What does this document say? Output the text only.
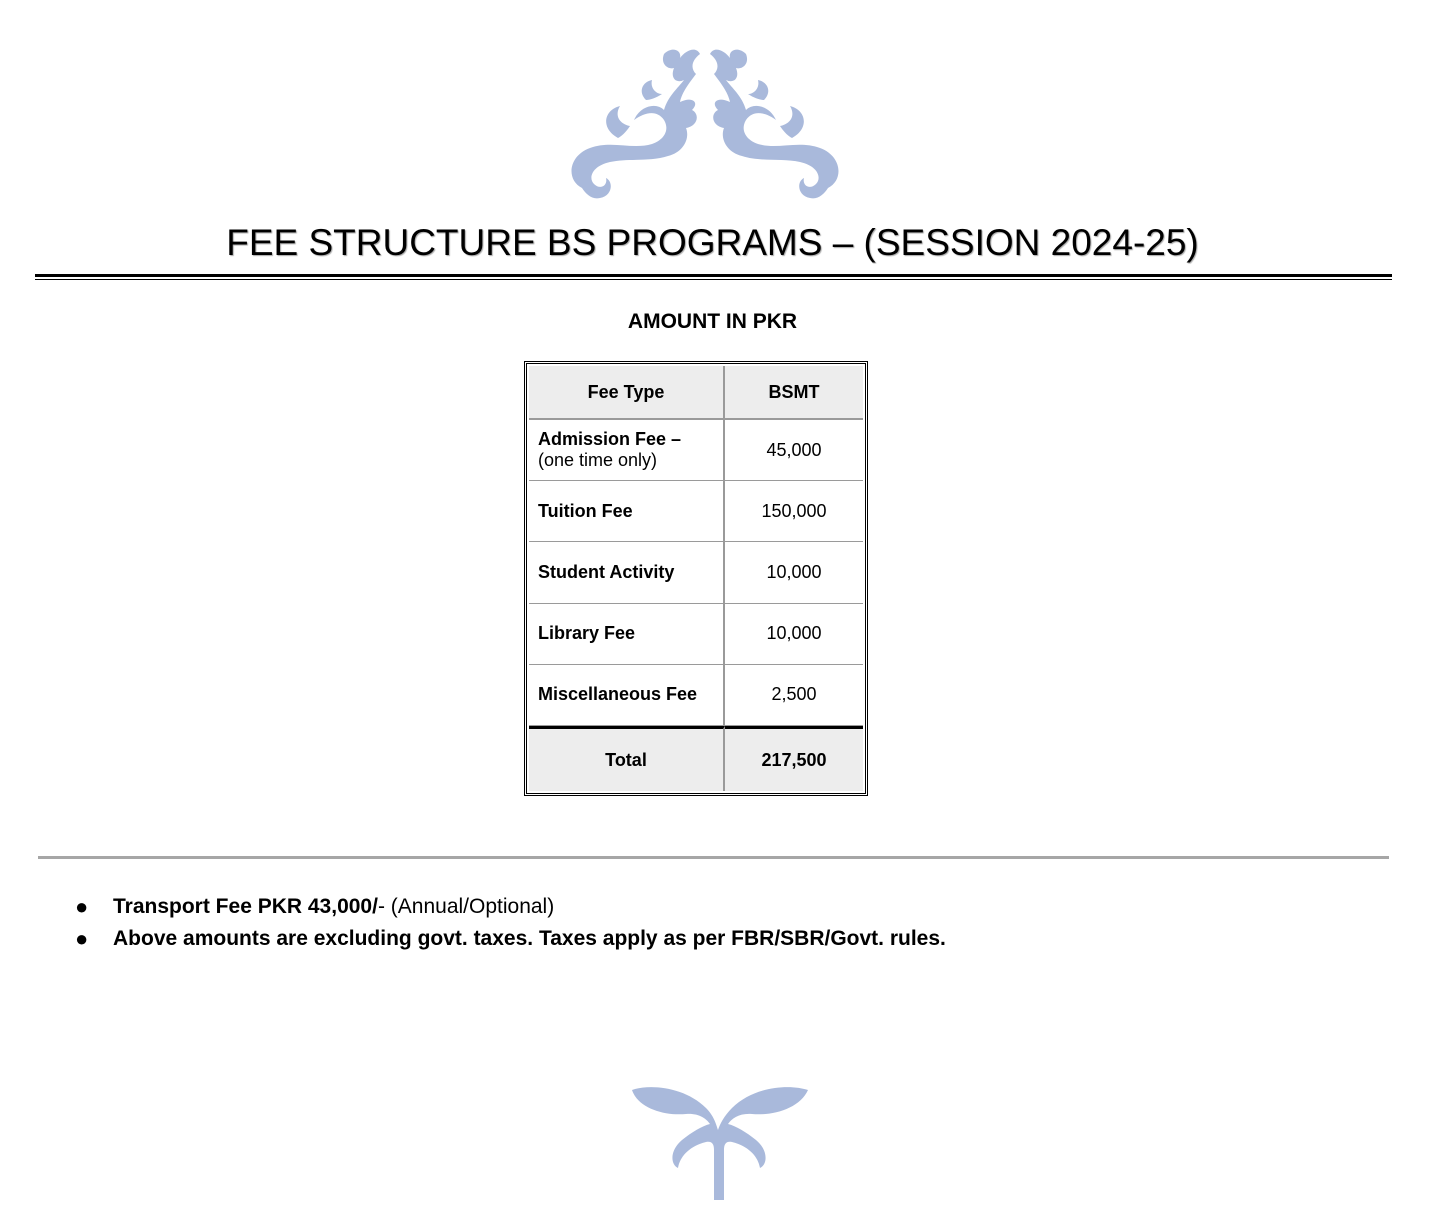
FEE STRUCTURE BS PROGRAMS – (SESSION 2024-25)
AMOUNT IN PKR
Fee Type	BSMT

Admission Fee –
(one time only)	45,000
Tuition Fee	150,000
Student Activity	10,000
Library Fee	10,000
Miscellaneous Fee	2,500
Total	217,500
● Transport Fee PKR 43,000/- (Annual/Optional)
● Above amounts are excluding govt. taxes. Taxes apply as per FBR/SBR/Govt. rules.
